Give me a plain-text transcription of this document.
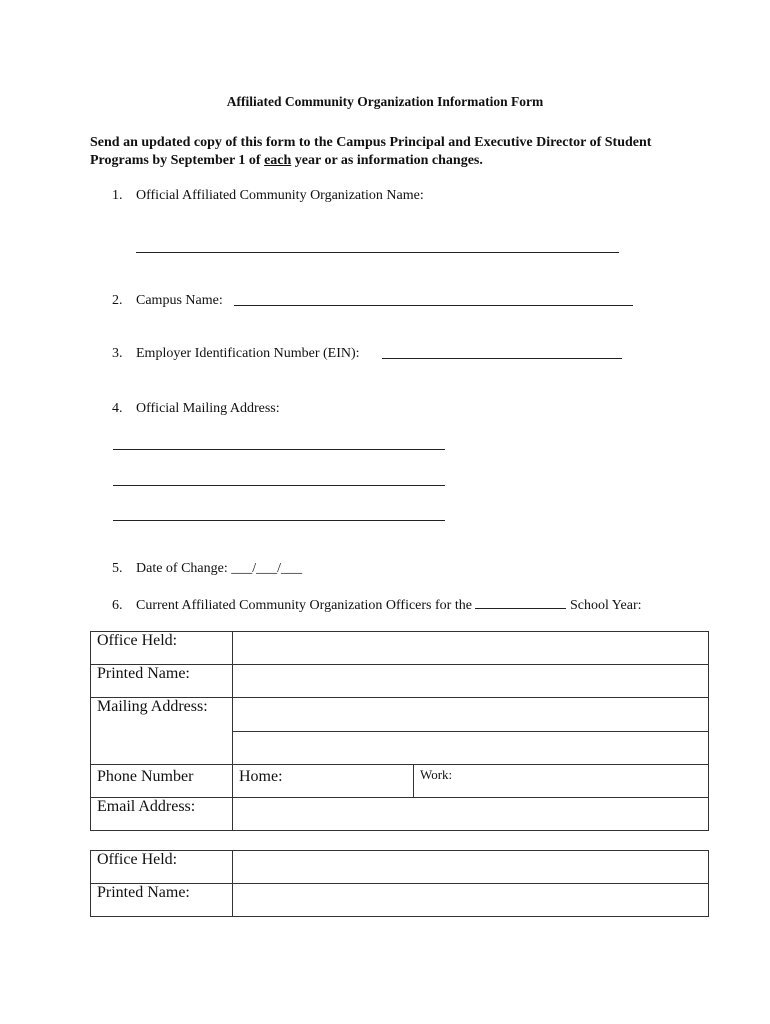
Affiliated Community Organization Information Form
Send an updated copy of this form to the Campus Principal and Executive Director of Student Programs by September 1 of each year or as information changes.
1. Official Affiliated Community Organization Name:
2. Campus Name:
3. Employer Identification Number (EIN):
4. Official Mailing Address:
5. Date of Change: ___/___/___
6. Current Affiliated Community Organization Officers for the	School Year:
Office Held:		
Printed Name:		
Mailing Address:		

Phone Number	Home:	Work:
Email Address:		
Office Held:	
Printed Name:	
